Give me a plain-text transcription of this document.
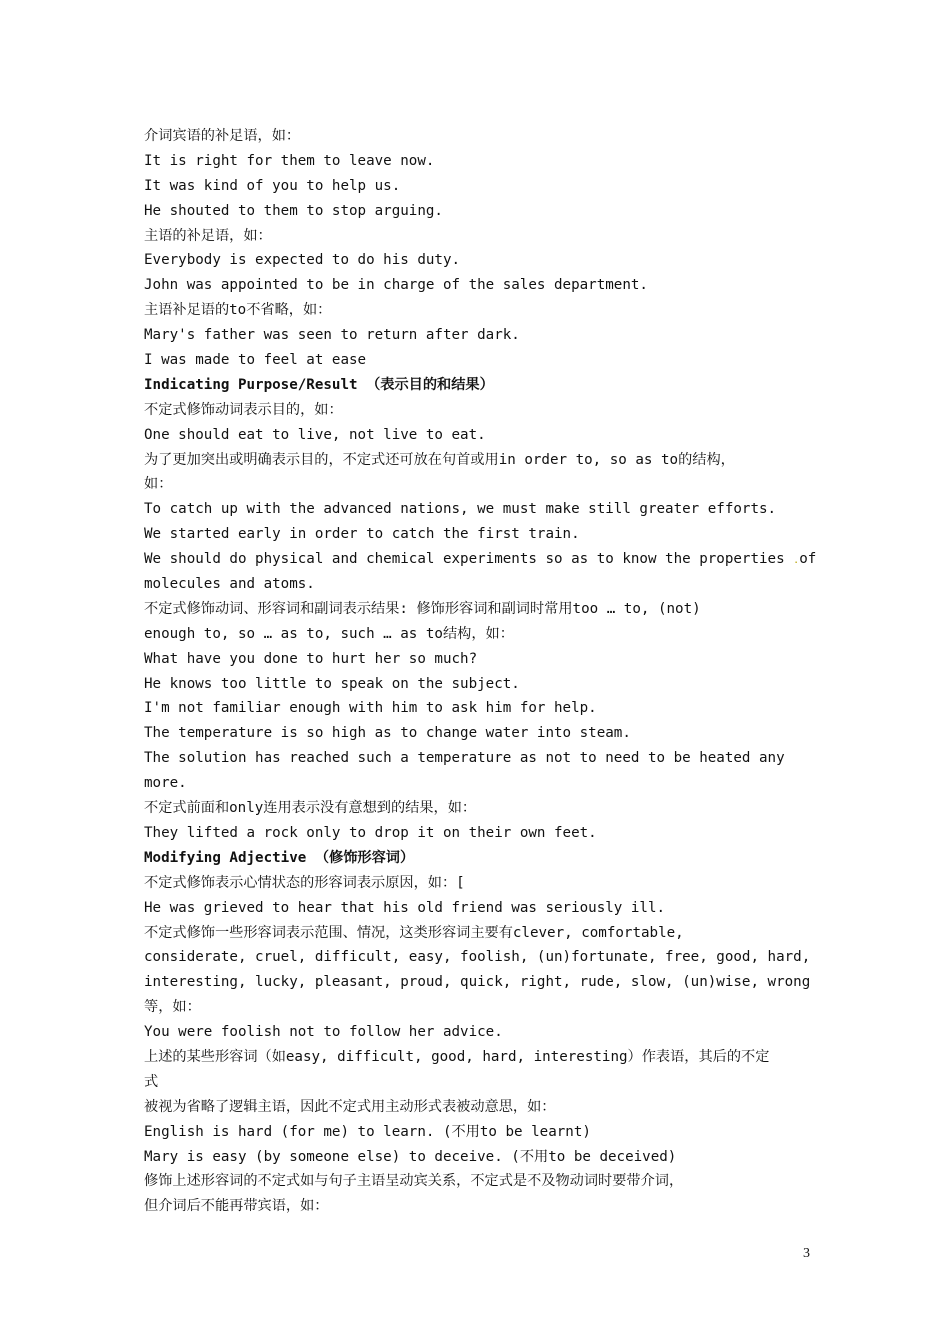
介词宾语的补足语，如：
It is right for them to leave now.
It was kind of you to help us.
He shouted to them to stop arguing.
主语的补足语，如：
Everybody is expected to do his duty.
John was appointed to be in charge of the sales department.
主语补足语的to不省略，如：
Mary's father was seen to return after dark.
I was made to feel at ease
Indicating Purpose/Result （表示目的和结果）
不定式修饰动词表示目的，如：
One should eat to live, not live to eat.
为了更加突出或明确表示目的，不定式还可放在句首或用in order to, so as to的结构，
如：
To catch up with the advanced nations, we must make still greater efforts.
We started early in order to catch the first train.
We should do physical and chemical experiments so as to know the properties .of
molecules and atoms.
不定式修饰动词、形容词和副词表示结果: 修饰形容词和副词时常用too … to, (not)
enough to, so … as to, such … as to结构，如：
What have you done to hurt her so much?
He knows too little to speak on the subject.
I'm not familiar enough with him to ask him for help.
The temperature is so high as to change water into steam.
The solution has reached such a temperature as not to need to be heated any
more.
不定式前面和only连用表示没有意想到的结果，如：
They lifted a rock only to drop it on their own feet.
Modifying Adjective （修饰形容词）
不定式修饰表示心情状态的形容词表示原因，如：[
He was grieved to hear that his old friend was seriously ill.
不定式修饰一些形容词表示范围、情况，这类形容词主要有clever, comfortable,
considerate, cruel, difficult, easy, foolish, (un)fortunate, free, good, hard,
interesting, lucky, pleasant, proud, quick, right, rude, slow, (un)wise, wrong
等，如：
You were foolish not to follow her advice.
上述的某些形容词（如easy, difficult, good, hard, interesting）作表语，其后的不定
式
被视为省略了逻辑主语，因此不定式用主动形式表被动意思，如：
English is hard (for me) to learn. (不用to be learnt)
Mary is easy (by someone else) to deceive. (不用to be deceived)
修饰上述形容词的不定式如与句子主语呈动宾关系，不定式是不及物动词时要带介词，
但介词后不能再带宾语，如：
3
